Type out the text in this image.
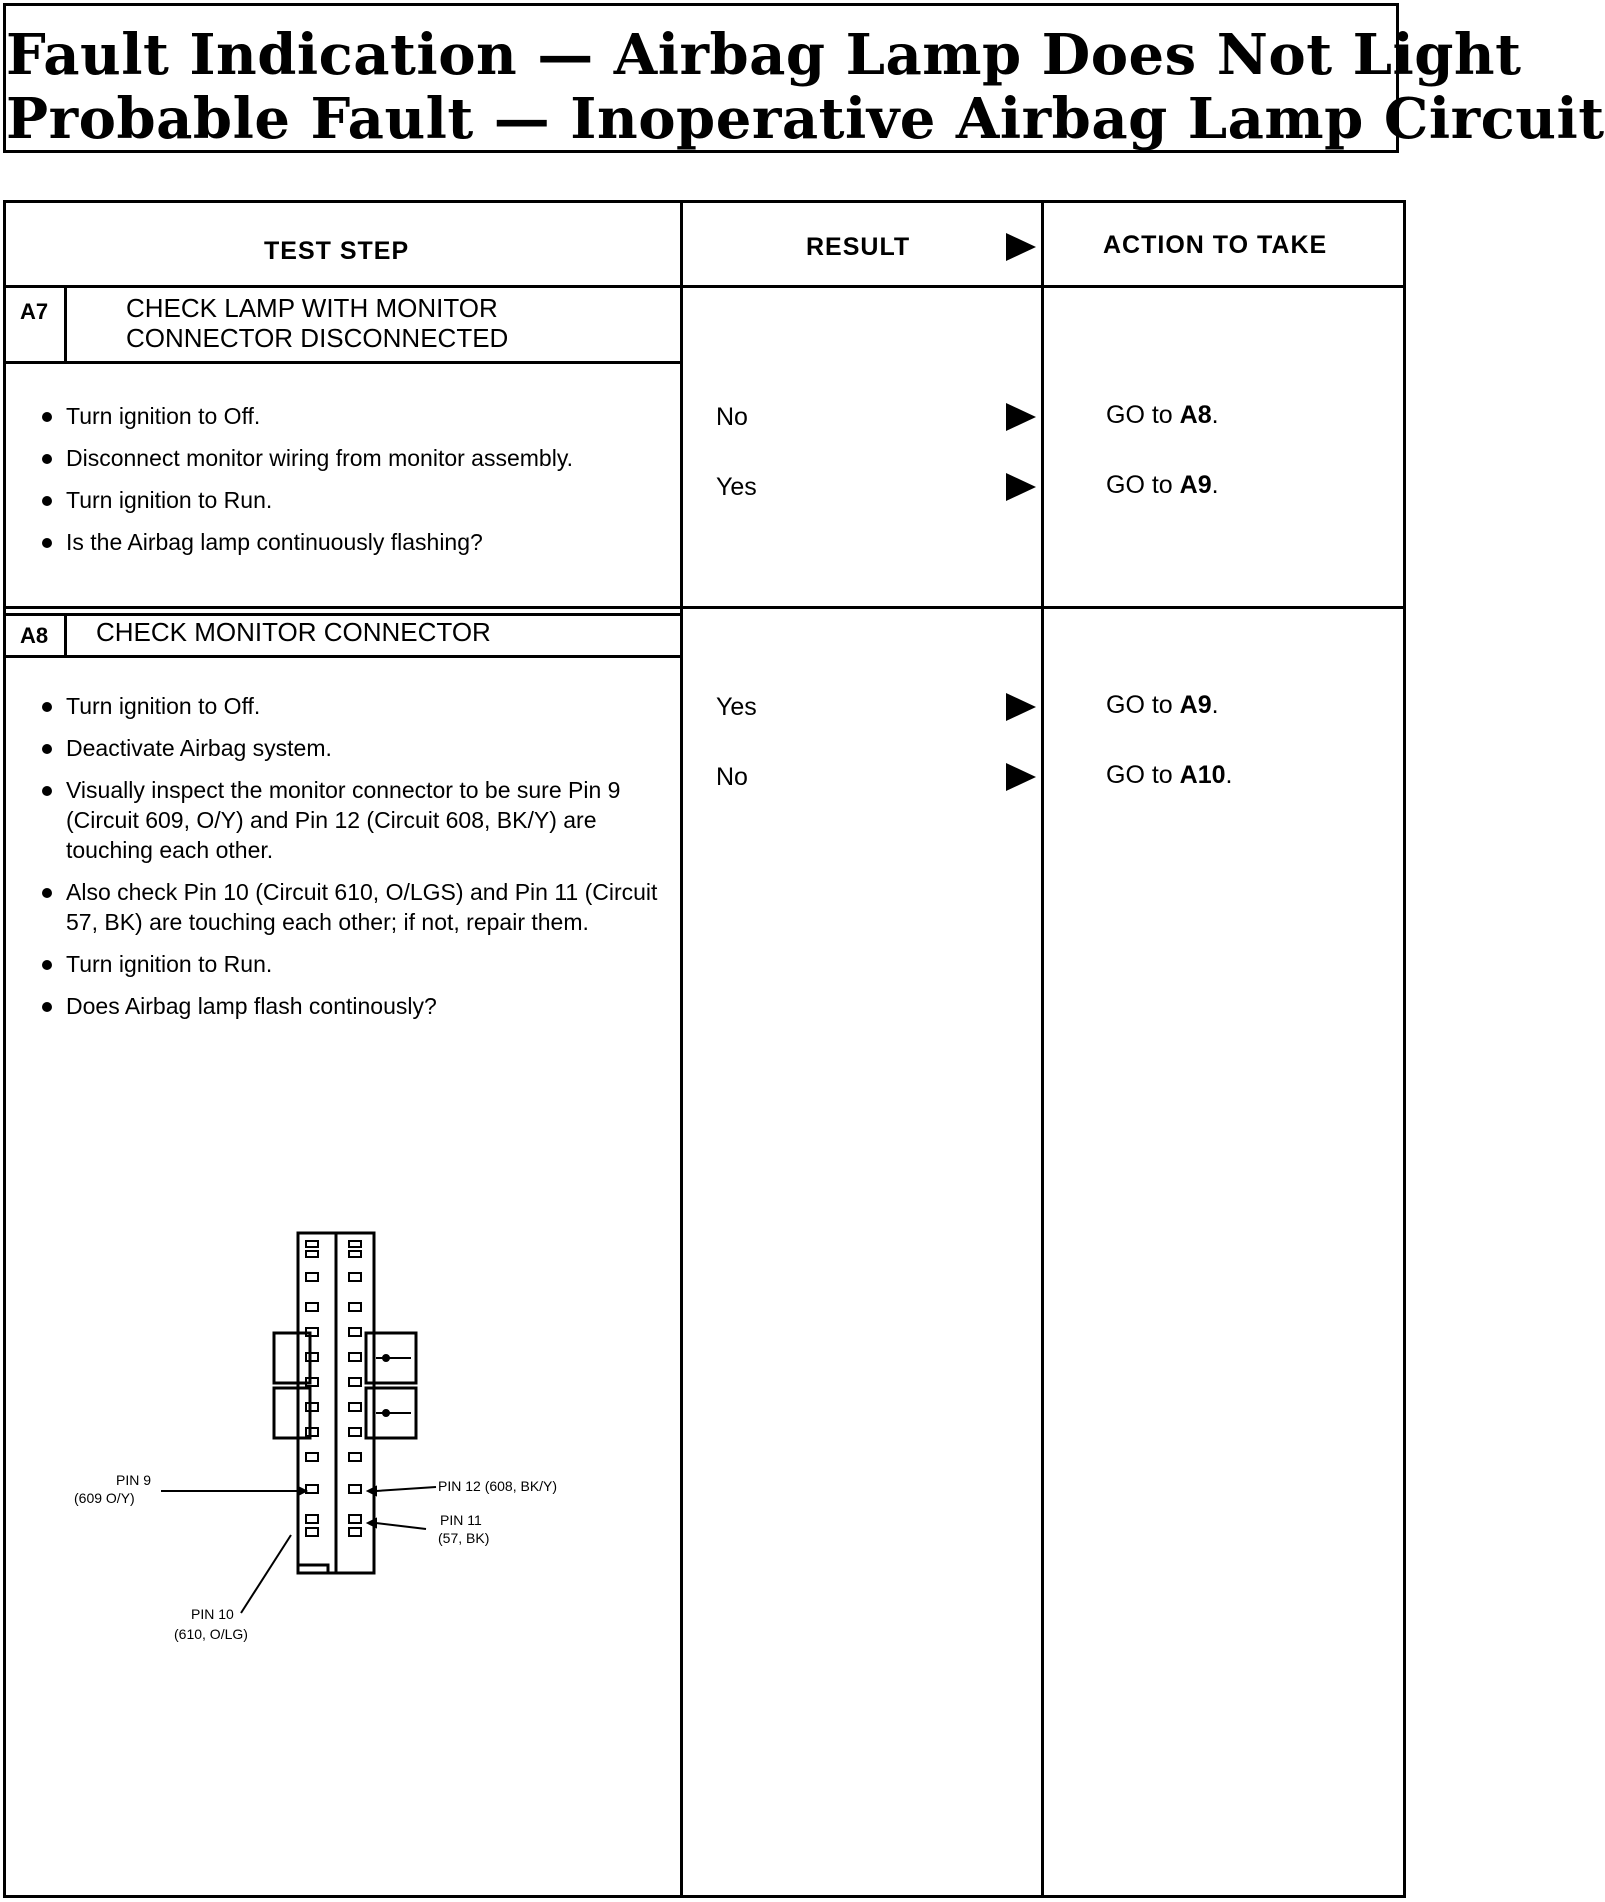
Fault Indication — Airbag Lamp Does Not Light
Probable Fault — Inoperative Airbag Lamp Circuit
TEST STEP	RESULT	ACTION TO TAKE
A7	CHECK LAMP WITH MONITOR
CONNECTOR DISCONNECTED
Turn ignition to Off.
Disconnect monitor wiring from monitor assembly.
Turn ignition to Run.
Is the Airbag lamp continuously flashing?
No	GO to A8.
Yes	GO to A9.
A8 CHECK MONITOR CONNECTOR
Turn ignition to Off.
Deactivate Airbag system.
Visually inspect the monitor connector to be sure Pin 9 (Circuit 609, O/Y) and Pin 12 (Circuit 608, BK/Y) are touching each other.
Also check Pin 10 (Circuit 610, O/LGS) and Pin 11 (Circuit 57, BK) are touching each other; if not, repair them.
Turn ignition to Run.
Does Airbag lamp flash continously?
Yes	GO to A9.
No	GO to A10.
PIN 9
(609 O/Y)
PIN 12 (608, BK/Y)
PIN 11
(57, BK)
PIN 10
(610, O/LG)
